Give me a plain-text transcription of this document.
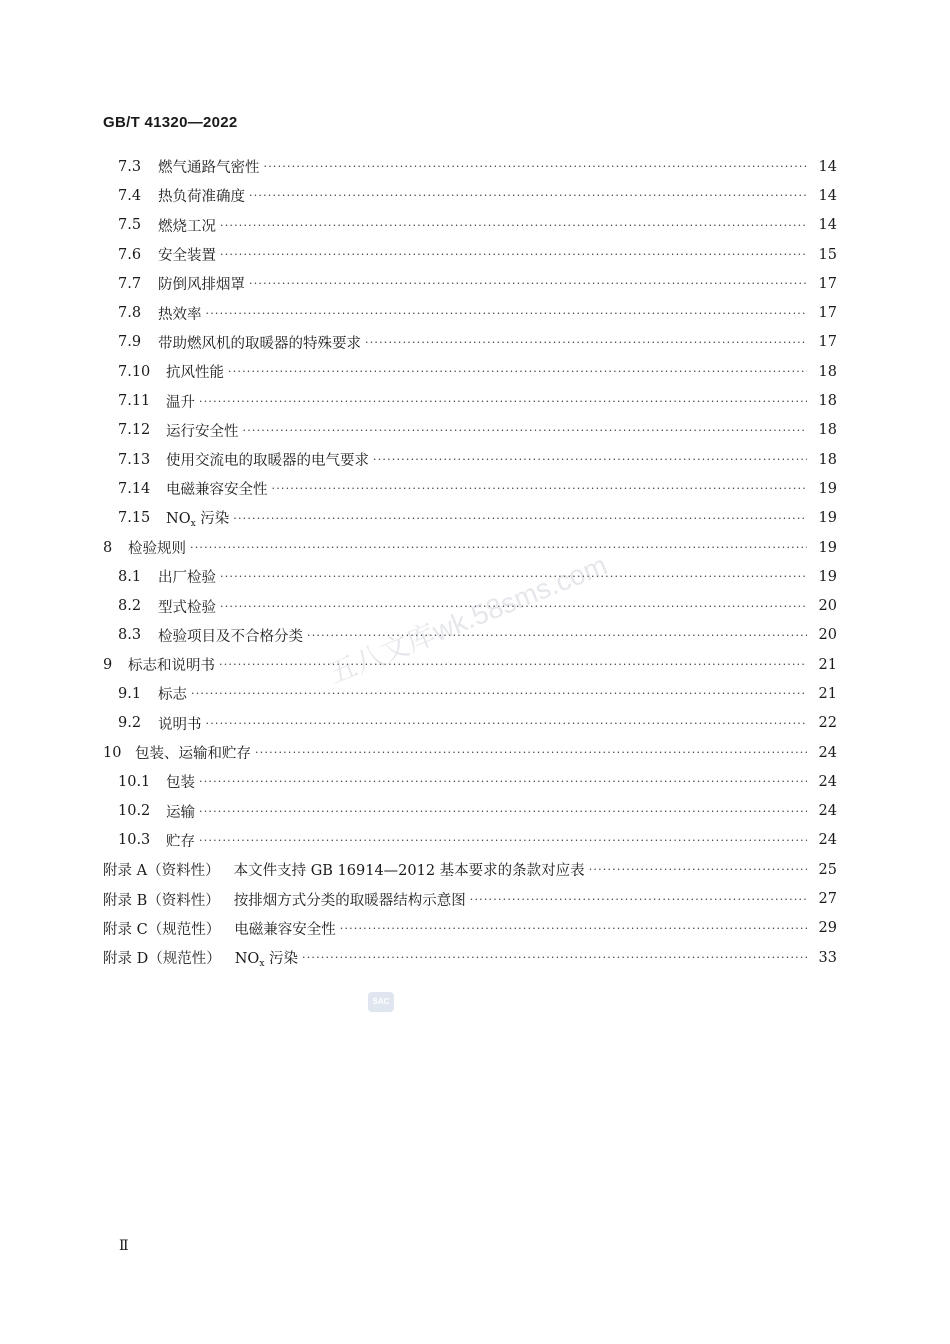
GB/T 41320—2022
7.3	燃气通路气密性 ·····	14
7.4	热负荷准确度 ·····	14
7.5	燃烧工况 ·····	14
7.6	安全装置 ·····	15
7.7	防倒风排烟罩 ·····	17
7.8	热效率 ·····	17
7.9	带助燃风机的取暖器的特殊要求 ·····	17
7.10	抗风性能 ·····	18
7.11	温升 ·····	18
7.12	运行安全性 ·····	18
7.13	使用交流电的取暖器的电气要求 ·····	18
7.14	电磁兼容安全性 ·····	19
7.15	$NO_x$ 污染 ·····	19
8	检验规则 ·····	19
8.1	出厂检验 ·····	19
8.2	型式检验 ·····	20
8.3	检验项目及不合格分类 ·····	20
9	标志和说明书 ·····	21
9.1	标志 ·····	21
9.2	说明书 ·····	22
10 包装、运输和贮存 ·····	24
10.1	包装 ·····	24
10.2	运输 ·····	24
10.3	贮存 ·····	24
附录 A（资料性） 本文件支持 GB 16914—2012 基本要求的条款对应表 ·····	25
附录 B（资料性） 按排烟方式分类的取暖器结构示意图 ·····	27
附录 C（规范性） 电磁兼容安全性 ·····	29
附录 D（规范性） $NO_x$ 污染 ·····	33
五八文库wk.58sms.com
SAC
Ⅱ
